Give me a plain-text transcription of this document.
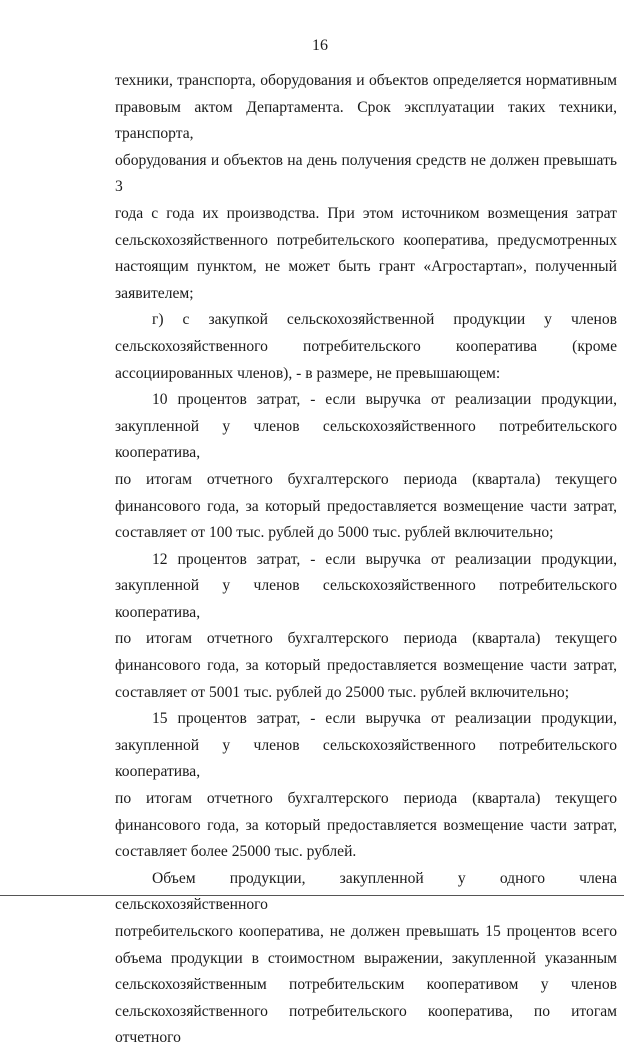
16

техники, транспорта, оборудования и объектов определяется нормативным

правовым актом Департамента. Срок эксплуатации таких техники, транспорта,

оборудования и объектов на день получения средств не должен превышать 3

года с года их производства. При этом источником возмещения затрат

сельскохозяйственного потребительского кооператива, предусмотренных

настоящим пунктом, не может быть грант «Агростартап», полученный

заявителем;

г) с закупкой сельскохозяйственной продукции у членов

сельскохозяйственного потребительского кооператива (кроме

ассоциированных членов), - в размере, не превышающем:

10 процентов затрат, - если выручка от реализации продукции,

закупленной у членов сельскохозяйственного потребительского кооператива,

по итогам отчетного бухгалтерского периода (квартала) текущего

финансового года, за который предоставляется возмещение части затрат,

составляет от 100 тыс. рублей до 5000 тыс. рублей включительно;

12 процентов затрат, - если выручка от реализации продукции,

закупленной у членов сельскохозяйственного потребительского кооператива,

по итогам отчетного бухгалтерского периода (квартала) текущего

финансового года, за который предоставляется возмещение части затрат,

составляет от 5001 тыс. рублей до 25000 тыс. рублей включительно;

15 процентов затрат, - если выручка от реализации продукции,

закупленной у членов сельскохозяйственного потребительского кооператива,

по итогам отчетного бухгалтерского периода (квартала) текущего

финансового года, за который предоставляется возмещение части затрат,

составляет более 25000 тыс. рублей.

Объем продукции, закупленной у одного члена сельскохозяйственного

потребительского кооператива, не должен превышать 15 процентов всего

объема продукции в стоимостном выражении, закупленной указанным

сельскохозяйственным потребительским кооперативом у членов

сельскохозяйственного потребительского кооператива, по итогам отчетного
